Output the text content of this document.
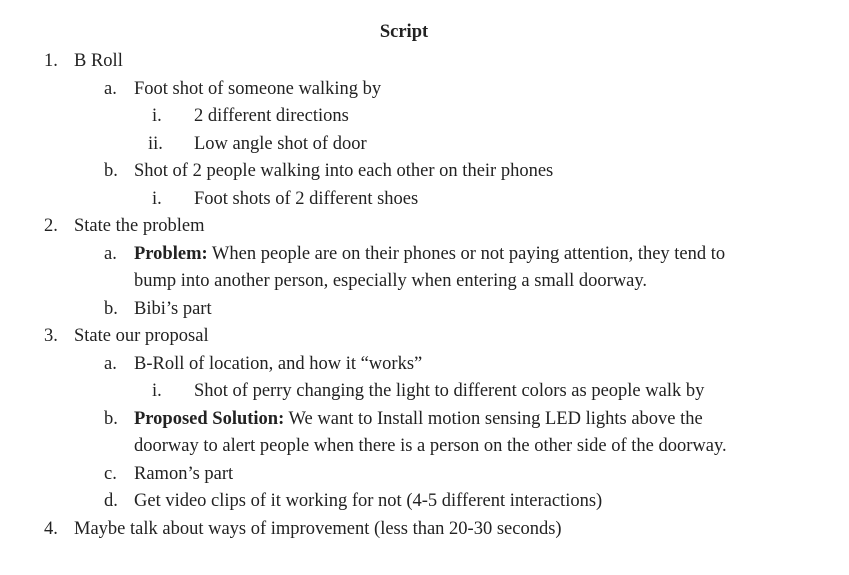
Script
1. B Roll
a. Foot shot of someone walking by
i. 2 different directions
ii. Low angle shot of door
b. Shot of 2 people walking into each other on their phones
i. Foot shots of 2 different shoes
2. State the problem
a. Problem: When people are on their phones or not paying attention, they tend to
bump into another person, especially when entering a small doorway.
b. Bibi’s part
3. State our proposal
a. B-Roll of location, and how it “works”
i. Shot of perry changing the light to different colors as people walk by
b. Proposed Solution: We want to Install motion sensing LED lights above the
doorway to alert people when there is a person on the other side of the doorway.
c. Ramon’s part
d. Get video clips of it working for not (4-5 different interactions)
4. Maybe talk about ways of improvement (less than 20-30 seconds)
